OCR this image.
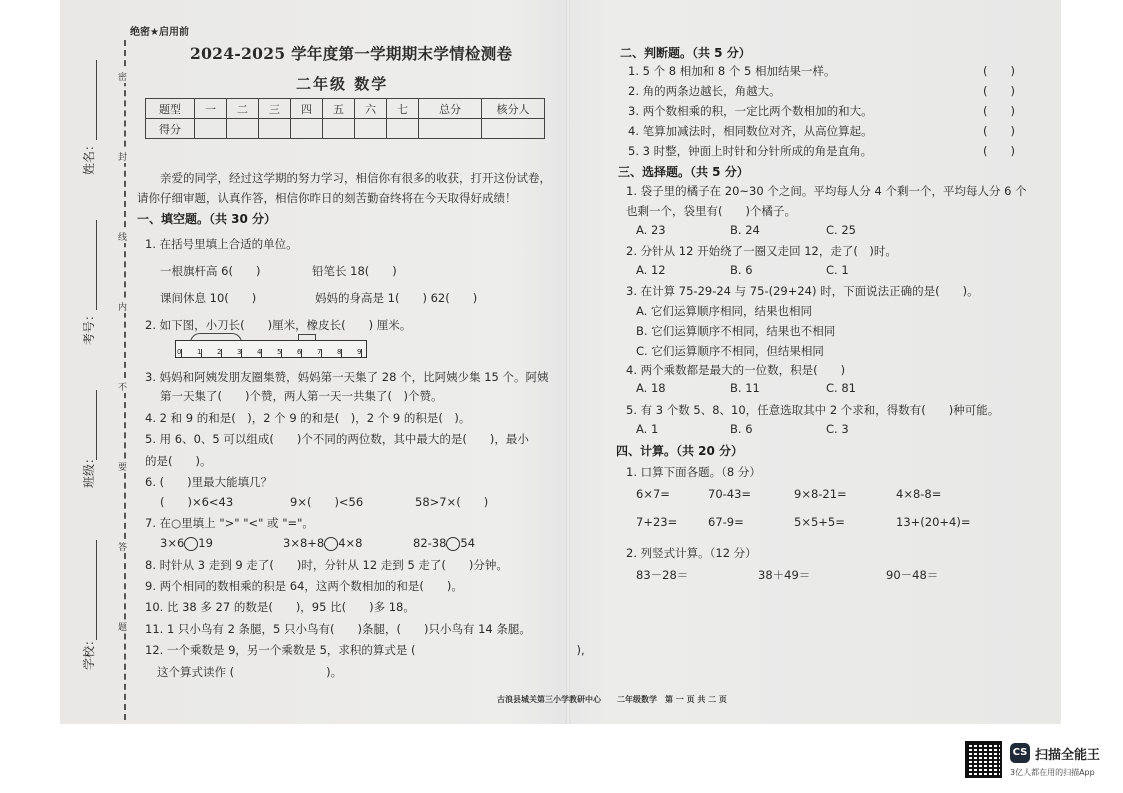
密
封
线
内
不
要
答
题
姓名：
考号：
班级：
学校：
绝密★启用前
2024-2025 学年度第一学期期末学情检测卷
二年级 数学
题型	一	二	三	四	五	六	七	总分	核分人
得分									
亲爱的同学，经过这学期的努力学习，相信你有很多的收获，打开这份试卷，
请你仔细审题，认真作答，相信你昨日的刻苦勤奋终将在今天取得好成绩！
一、填空题。（共 30 分）
1. 在括号里填上合适的单位。
一根旗杆高 6(　　)	铅笔长 18(　　)
课间休息 10(　　)	妈妈的身高是 1(　　) 62(　　)
2. 如下图，小刀长(　　)厘米，橡皮长(　　) 厘米。
0 1 2 3 4 5 6 7 8 9
3. 妈妈和阿姨发朋友圈集赞，妈妈第一天集了 28 个，比阿姨少集 15 个。阿姨
第一天集了(　　)个赞，两人第一天一共集了(　)个赞。
4. 2 和 9 的和是(　)，2 个 9 的和是(　)，2 个 9 的积是(　)。
5. 用 6、0、5 可以组成(　　)个不同的两位数，其中最大的是(　　)，最小
的是(　　)。
6. (　　)里最大能填几？
(　　)×6<43	9×(　　)<56	58>7×(　　)
7. 在○里填上 ">" "<" 或 "="。
3×6 19	3×8+8 4×8	82-38 54
8. 时针从 3 走到 9 走了(　　)时，分针从 12 走到 5 走了(　　)分钟。
9. 两个相同的数相乘的积是 64，这两个数相加的和是(　　)。
10. 比 38 多 27 的数是(　　)，95 比(　　)多 18。
11. 1 只小鸟有 2 条腿，5 只小鸟有(　　)条腿，(　　)只小鸟有 14 条腿。
12. 一个乘数是 9，另一个乘数是 5，求积的算式是 (　　　　　　　　　　　　　　),
这个算式读作 (　　　　　　　　)。
二、判断题。（共 5 分）
1. 5 个 8 相加和 8 个 5 相加结果一样。	(　　)
2. 角的两条边越长，角越大。	(　　)
3. 两个数相乘的积，一定比两个数相加的和大。	(　　)
4. 笔算加减法时，相同数位对齐，从高位算起。	(　　)
5. 3 时整，钟面上时针和分针所成的角是直角。	(　　)
三、选择题。（共 5 分）
1. 袋子里的橘子在 20~30 个之间。平均每人分 4 个剩一个，平均每人分 6 个
也剩一个，袋里有(　　)个橘子。
A. 23	B. 24	C. 25
2. 分针从 12 开始绕了一圈又走回 12，走了(　)时。
A. 12	B. 6	C. 1
3. 在计算 75-29-24 与 75-(29+24) 时，下面说法正确的是(　　)。
A. 它们运算顺序相同，结果也相同
B. 它们运算顺序不相同，结果也不相同
C. 它们运算顺序不相同，但结果相同
4. 两个乘数都是最大的一位数，积是(　　)
A. 18	B. 11	C. 81
5. 有 3 个数 5、8、10，任意选取其中 2 个求和，得数有(　　)种可能。
A. 1	B. 6	C. 3
四、计算。（共 20 分）
1. 口算下面各题。（8 分）
6×7=	70-43=	9×8-21=	4×8-8=
7+23=	67-9=	5×5+5=	13+(20+4)=
2. 列竖式计算。（12 分）
83－28＝	38＋49＝	90－48＝
古浪县城关第三小学教研中心　　二年级数学　第 一 页 共 二 页
CS 扫描全能王
3亿人都在用的扫描App
